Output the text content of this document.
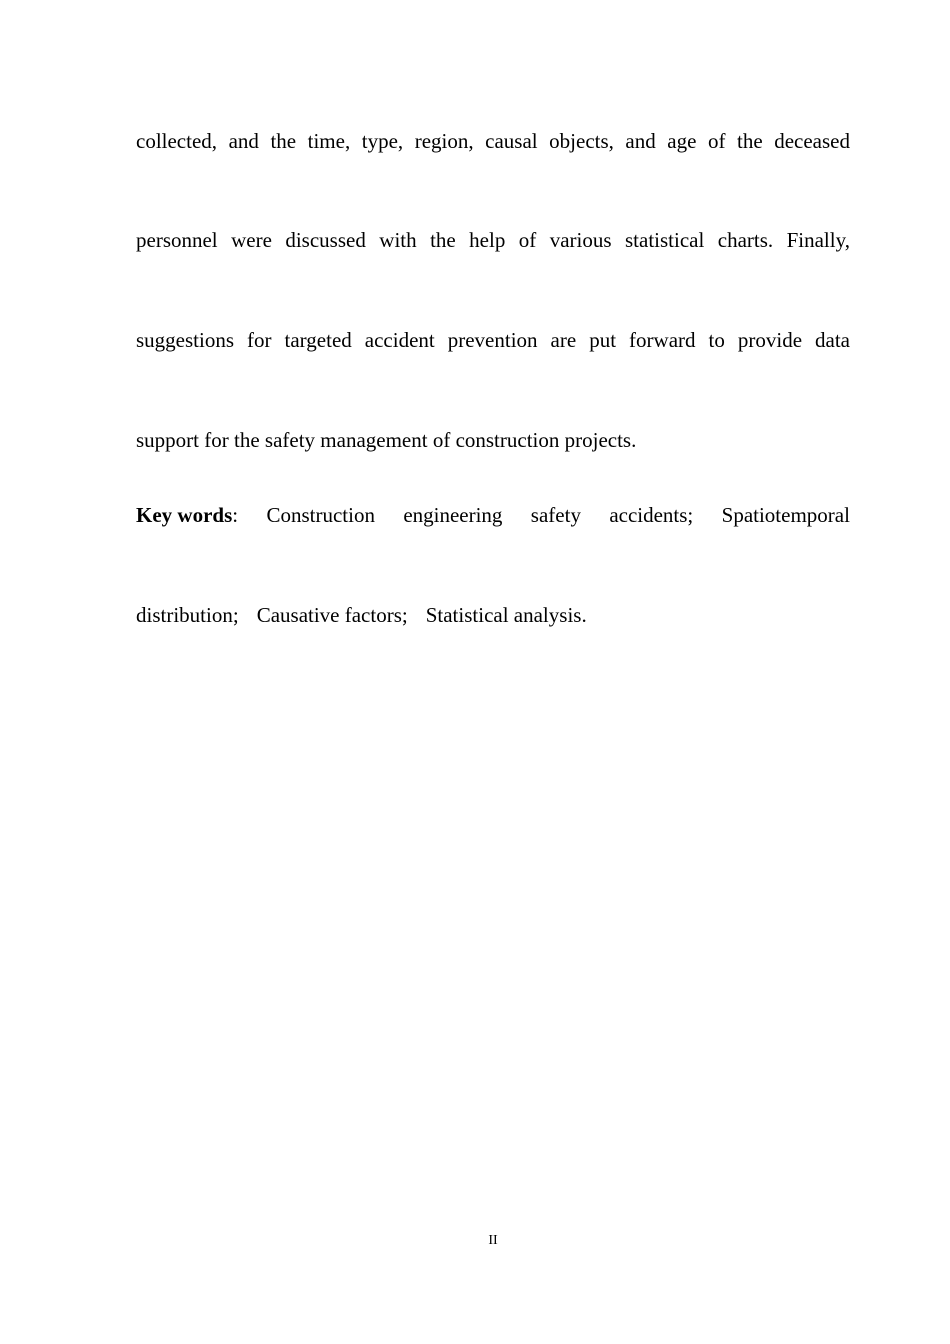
collected, and the time, type, region, causal objects, and age of the deceased
personnel were discussed with the help of various statistical charts. Finally,
suggestions for targeted accident prevention are put forward to provide data
support for the safety management of construction projects.
Key words: Construction engineering safety accidents; Spatiotemporal
distribution; Causative factors; Statistical analysis.
II
